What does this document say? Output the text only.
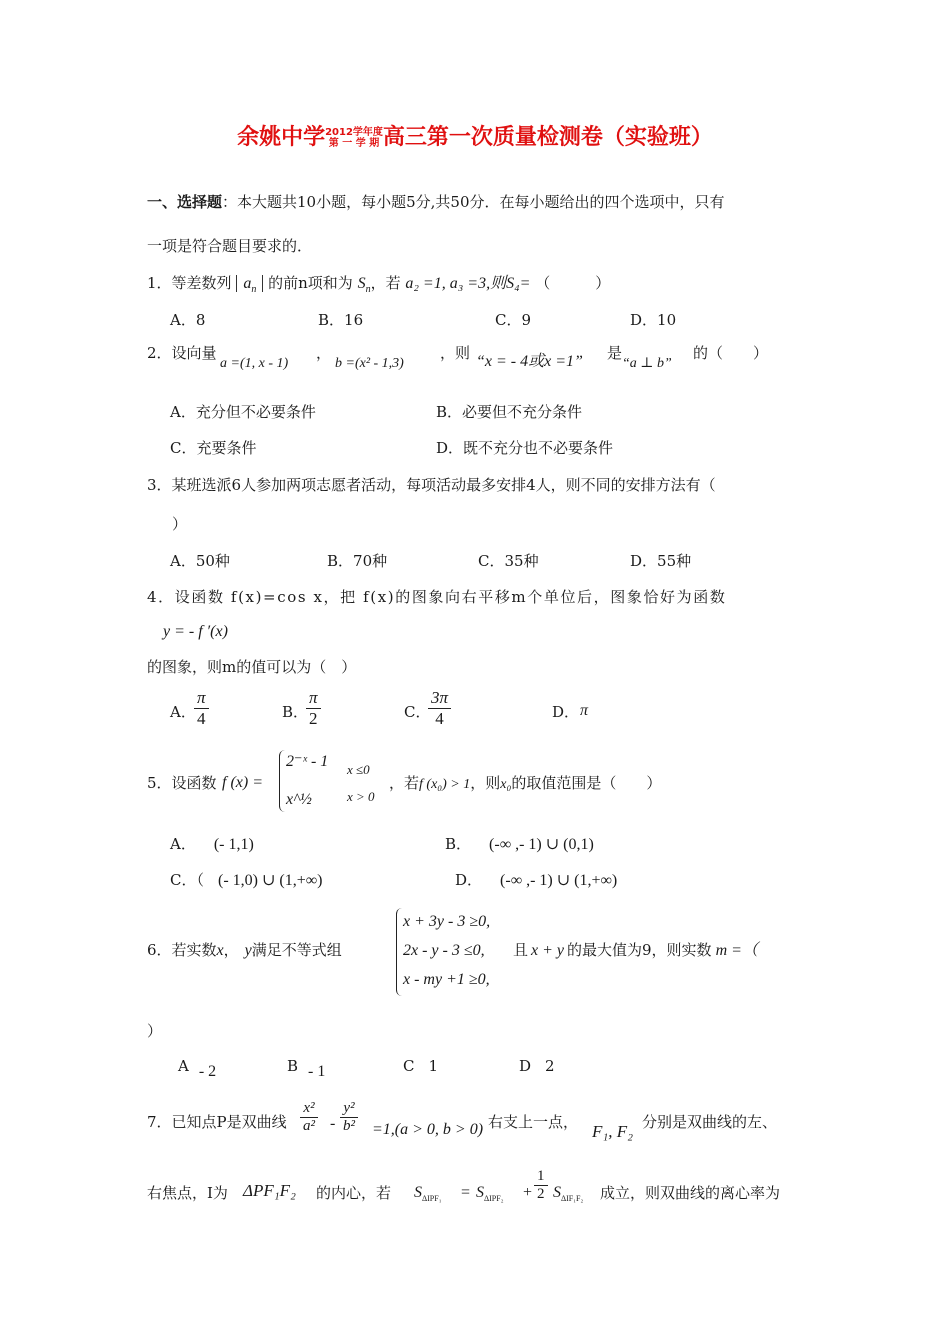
余姚中学2012学年度
第 一 学 期 高三第一次质量检测卷（实验班）
一、选择题：本大题共10小题，每小题5分,共50分．在每小题给出的四个选项中，只有
一项是符合题目要求的．
1．等差数列 $a_n$ 的前n项和为 $S_n$，若 a₂ =1, a₃ =3,则S₄= （　　　）
A．8	B．16	C．9	D．10
2．设向量
a =(1, x - 1)
，
b =(x² - 1,3)
，则 “x = - 4或x =1” 是
“a ⊥ b”
的（　　）
A．充分但不必要条件	B．必要但不充分条件
C．充要条件	D．既不充分也不必要条件
3．某班选派6人参加两项志愿者活动，每项活动最多安排4人，则不同的安排方法有（
）
A．50种	B．70种	C．35种	D．55种
4．设函数 f(x)=cos x，把 f(x)的图象向右平移m个单位后，图象恰好为函数
y = - f ′(x)
的图象，则m的值可以为（　）
A．
$\frac{\pi}{4}$	B．
$\frac{\pi}{2}$	C．
$\frac{3\pi}{4}$	D． π
5．设函数 f (x) =
2⁻ˣ - 1 x ≤0
x^½	x > 0
，若f (x₀) > 1，则x₀的取值范围是（　　）
A． (- 1,1)	B． (-∞ ,- 1) ∪ (0,1)
C．（ (- 1,0) ∪ (1,+∞)	D． (-∞ ,- 1) ∪ (1,+∞)
6．若实数x， y满足不等式组
x + 3y - 3 ≥0,
2x - y - 3 ≤0,
x - my +1 ≥0,
且 x + y 的最大值为9，则实数 m =（
）
A - 2	B - 1	C 1	D 2
7．已知点P是双曲线 $\frac{\text{x²}}{\text{a²}} - \frac{\text{y²}}{\text{b²}} =1,(a > 0$, b > 0) 右支上一点， F₁, F₂ 分别是双曲线的左、
右焦点，I为 ΔPF₁F₂ 的内心，若 $S_{\Delta IPF_1} = S_{\Delta IPF_2} + \frac{1}{2} S_{\Delta IF_1F_2}$ 成立，则双曲线的离心率为
